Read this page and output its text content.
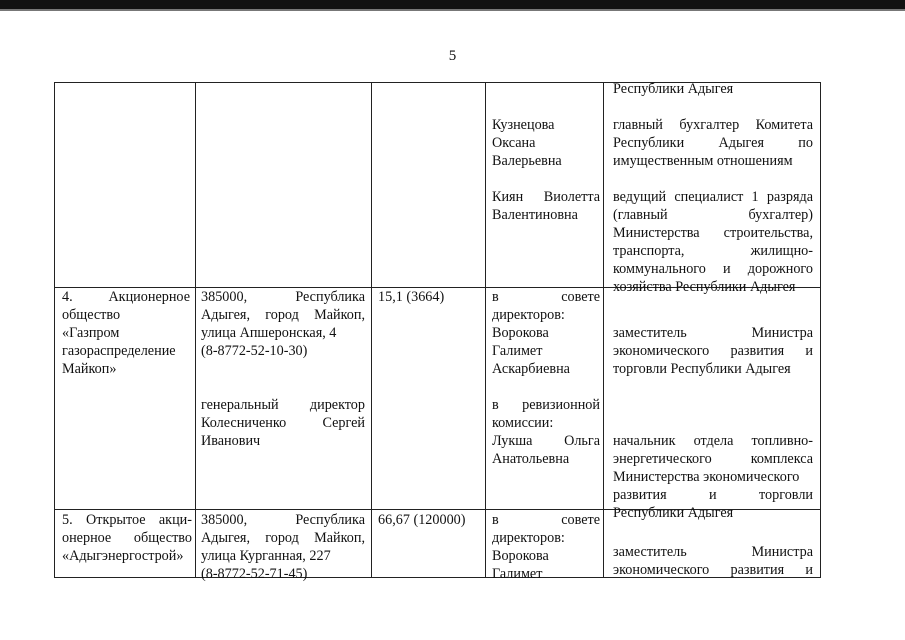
5
Кузнецова
Оксана
Валерьевна
Киян Виолетта
Валентиновна
Республики Адыгея
главный бухгалтер Комитета
Республики Адыгея по
имущественным отношениям
ведущий специалист 1 разряда
(главный бухгалтер)
Министерства строительства,
транспорта, жилищно-
коммунального и дорожного
хозяйства Республики Адыгея
4. Акционерное
общество
«Газпром
газораспределение
Майкоп»
385000, Республика
Адыгея, город Майкоп,
улица Апшеронская, 4
(8-8772-52-10-30)
генеральный директор
Колесниченко Сергей
Иванович
15,1 (3664)	в совете
директоров:
Ворокова
Галимет
Аскарбиевна
в ревизионной
комиссии:
Лукша Ольга
Анатольевна
заместитель Министра
экономического развития и
торговли Республики Адыгея
начальник отдела топливно-
энергетического комплекса
Министерства экономического
развития и торговли
Республики Адыгея
5. Открытое акци-
онерное общество
«Адыгэнергострой»
385000, Республика
Адыгея, город Майкоп,
улица Курганная, 227
(8-8772-52-71-45)
66,67 (120000)	в совете
директоров:
Ворокова
Галимет
заместитель Министра
экономического развития и
